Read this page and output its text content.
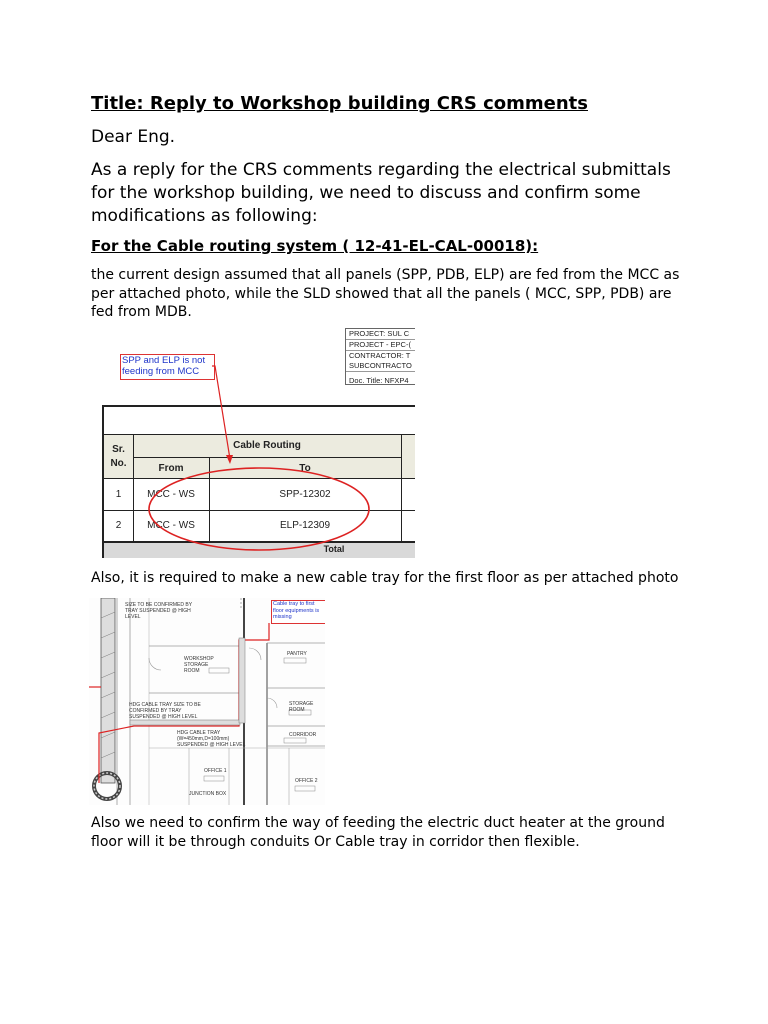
Title: Reply to Workshop building CRS comments

Dear Eng.

As a reply for the CRS comments regarding the electrical submittals for the workshop building, we need to discuss and confirm some modifications as following:

For the Cable routing system ( 12-41-EL-CAL-00018):

the current design assumed that all panels (SPP, PDB, ELP) are fed from the MCC as per attached photo, while the SLD showed that all the panels ( MCC, SPP, PDB) are fed from MDB.

PROJECT: SUL C
PROJECT - EPC-(
CONTRACTOR: T
SUBCONTRACTO
Doc. Title: NFXP4
SPP and ELP is not feeding from MCC
Sr.
No.
Cable Routing
From	To
1	MCC - WS	SPP-12302
2	MCC - WS	ELP-12309
Total

Also, it is required to make a new cable tray for the first floor as per attached photo

SIZE TO BE CONFIRMED BY TRAY SUSPENDED @ HIGH LEVEL
WORKSHOP STORAGE ROOM
PANTRY
HDG CABLE TRAY SIZE TO BE CONFIRMED BY TRAY SUSPENDED @ HIGH LEVEL
STORAGE ROOM
CORRIDOR
HDG CABLE TRAY (W=450mm,D=100mm) SUSPENDED @ HIGH LEVEL
OFFICE 1
OFFICE 2
JUNCTION BOX
Cable tray to first floor equipments is missing

Also we need to confirm the way of feeding the electric duct heater at the ground floor will it be through conduits Or Cable tray in corridor then flexible.
